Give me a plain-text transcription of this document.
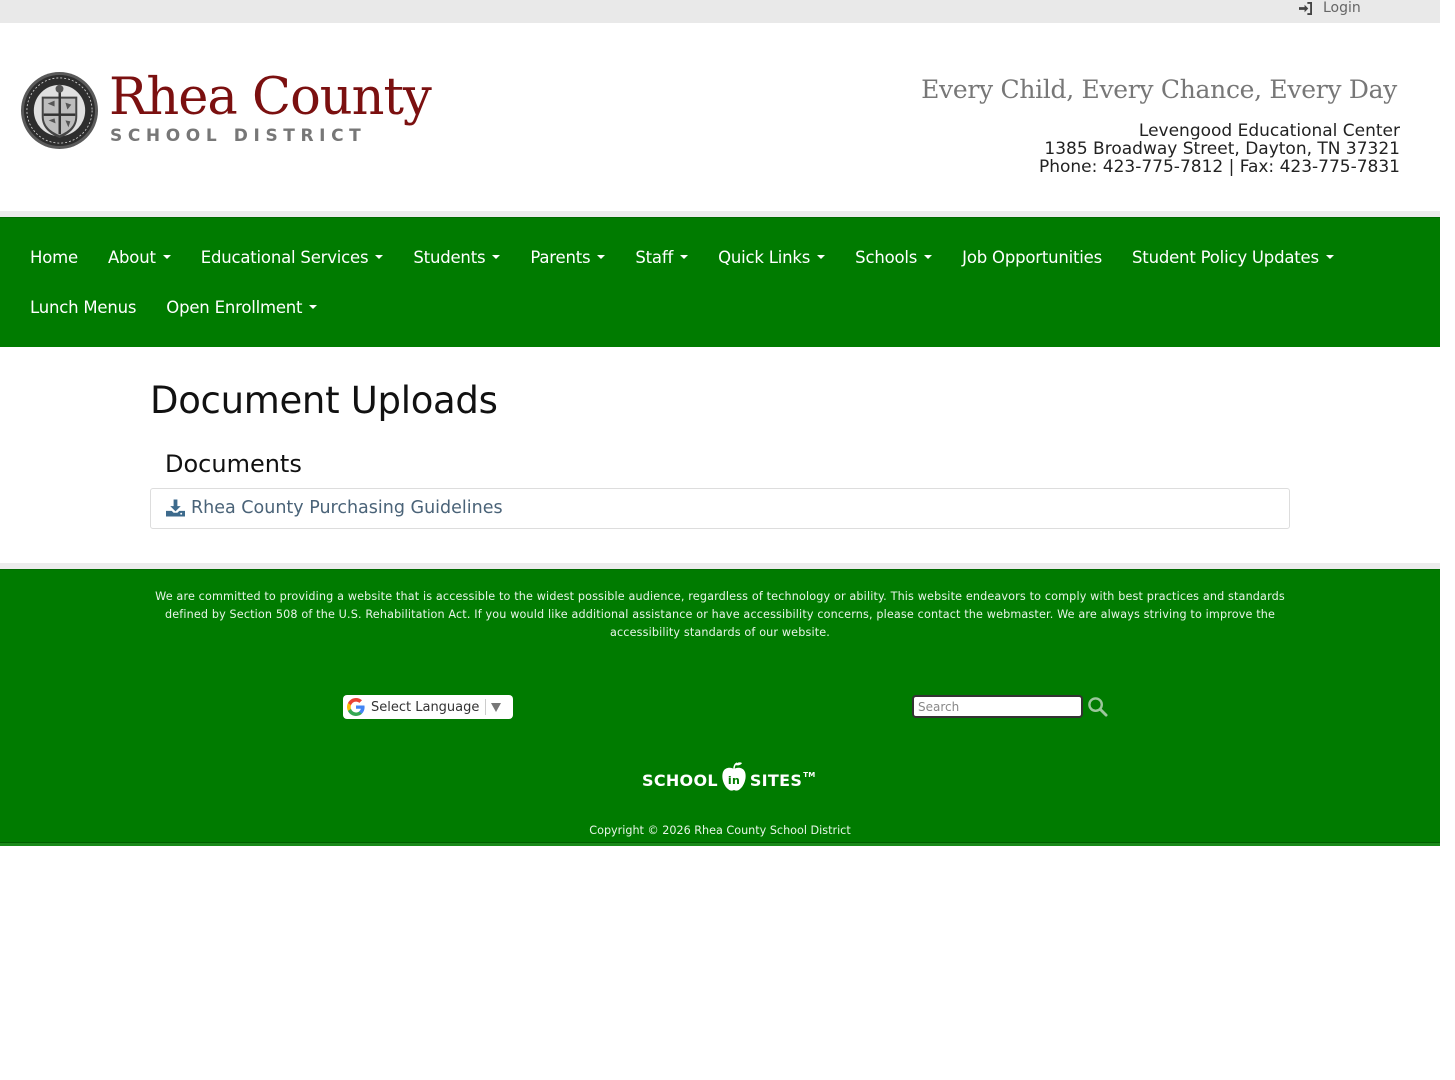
Login
Rhea County
SCHOOL DISTRICT
Every Child, Every Chance, Every Day
Levengood Educational Center
1385 Broadway Street, Dayton, TN 37321
Phone: 423-775-7812 | Fax: 423-775-7831
Home About	Educational Services	Students	Parents	Staff	Quick Links	Schools	Job Opportunities Student Policy Updates
Lunch Menus Open Enrollment
Document Uploads
Documents
Rhea County Purchasing Guidelines

We are committed to providing a website that is accessible to the widest possible audience, regardless of technology or ability. This website endeavors to comply with best practices and standards defined by Section 508 of the U.S. Rehabilitation Act. If you would like additional assistance or have accessibility concerns, please contact the webmaster. We are always striving to improve the accessibility standards of our website.

Select Language
Search
SCHOOL in SITES TM
Copyright © 2026 Rhea County School District
